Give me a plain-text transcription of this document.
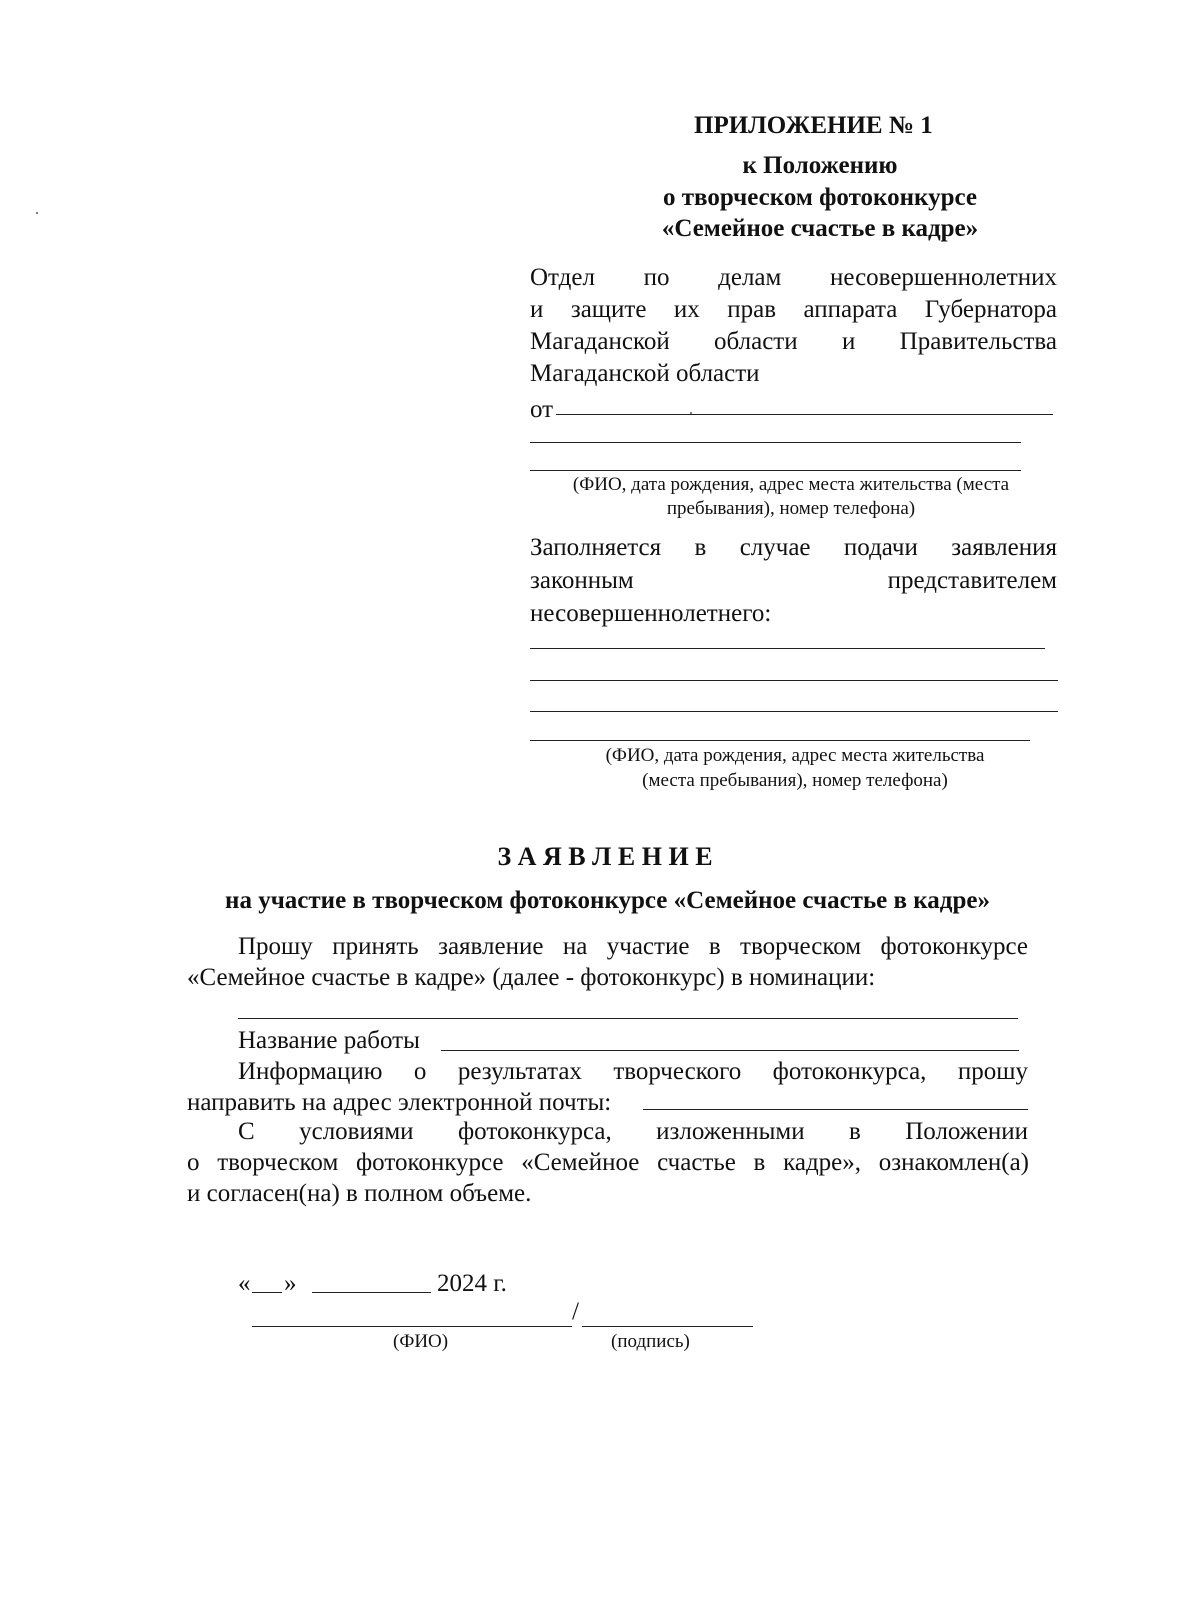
ПРИЛОЖЕНИЕ № 1
к Положению
о творческом фотоконкурсе
«Семейное счастье в кадре»
Отдел по делам несовершеннолетних
и защите их прав аппарата Губернатора
Магаданской области и Правительства
Магаданской области
от
(ФИО, дата рождения, адрес места жительства (места
пребывания), номер телефона)
Заполняется в случае подачи заявления
законным	представителем
несовершеннолетнего:
(ФИО, дата рождения, адрес места жительства
(места пребывания), номер телефона)
З А Я В Л Е Н И Е
на участие в творческом фотоконкурсе «Семейное счастье в кадре»
Прошу принять заявление на участие в творческом фотоконкурсе
«Семейное счастье в кадре» (далее - фотоконкурс) в номинации:
Название работы
Информацию о результатах творческого фотоконкурса, прошу
направить на адрес электронной почты:
С условиями фотоконкурса, изложенными в Положении
о творческом фотоконкурсе «Семейное счастье в кадре», ознакомлен(а)
и согласен(на) в полном объеме.
« »	2024 г.
/
(ФИО)	(подпись)
